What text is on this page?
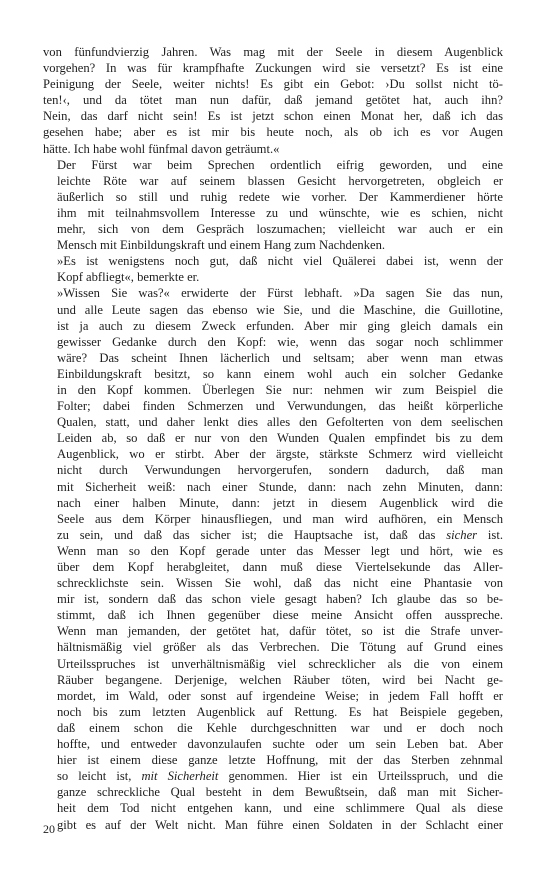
von fünfundvierzig Jahren. Was mag mit der Seele in diesem Augenblick
vorgehen? In was für krampfhafte Zuckungen wird sie versetzt? Es ist eine
Peinigung der Seele, weiter nichts! Es gibt ein Gebot: ›Du sollst nicht tö-
ten!‹, und da tötet man nun dafür, daß jemand getötet hat, auch ihn?
Nein, das darf nicht sein! Es ist jetzt schon einen Monat her, daß ich das
gesehen habe; aber es ist mir bis heute noch, als ob ich es vor Augen
hätte. Ich habe wohl fünfmal davon geträumt.«

Der Fürst war beim Sprechen ordentlich eifrig geworden, und eine
leichte Röte war auf seinem blassen Gesicht hervorgetreten, obgleich er
äußerlich so still und ruhig redete wie vorher. Der Kammerdiener hörte
ihm mit teilnahmsvollem Interesse zu und wünschte, wie es schien, nicht
mehr, sich von dem Gespräch loszumachen; vielleicht war auch er ein
Mensch mit Einbildungskraft und einem Hang zum Nachdenken.

»Es ist wenigstens noch gut, daß nicht viel Quälerei dabei ist, wenn der
Kopf abfliegt«, bemerkte er.

»Wissen Sie was?« erwiderte der Fürst lebhaft. »Da sagen Sie das nun,
und alle Leute sagen das ebenso wie Sie, und die Maschine, die Guillotine,
ist ja auch zu diesem Zweck erfunden. Aber mir ging gleich damals ein
gewisser Gedanke durch den Kopf: wie, wenn das sogar noch schlimmer
wäre? Das scheint Ihnen lächerlich und seltsam; aber wenn man etwas
Einbildungskraft besitzt, so kann einem wohl auch ein solcher Gedanke
in den Kopf kommen. Überlegen Sie nur: nehmen wir zum Beispiel die
Folter; dabei finden Schmerzen und Verwundungen, das heißt körperliche
Qualen, statt, und daher lenkt dies alles den Gefolterten von dem seelischen
Leiden ab, so daß er nur von den Wunden Qualen empfindet bis zu dem
Augenblick, wo er stirbt. Aber der ärgste, stärkste Schmerz wird vielleicht
nicht durch Verwundungen hervorgerufen, sondern dadurch, daß man
mit Sicherheit weiß: nach einer Stunde, dann: nach zehn Minuten, dann:
nach einer halben Minute, dann: jetzt in diesem Augenblick wird die
Seele aus dem Körper hinausfliegen, und man wird aufhören, ein Mensch
zu sein, und daß das sicher ist; die Hauptsache ist, daß das sicher ist.
Wenn man so den Kopf gerade unter das Messer legt und hört, wie es
über dem Kopf herabgleitet, dann muß diese Viertelsekunde das Aller-
schrecklichste sein. Wissen Sie wohl, daß das nicht eine Phantasie von
mir ist, sondern daß das schon viele gesagt haben? Ich glaube das so be-
stimmt, daß ich Ihnen gegenüber diese meine Ansicht offen ausspreche.
Wenn man jemanden, der getötet hat, dafür tötet, so ist die Strafe unver-
hältnismäßig viel größer als das Verbrechen. Die Tötung auf Grund eines
Urteilsspruches ist unverhältnismäßig viel schrecklicher als die von einem
Räuber begangene. Derjenige, welchen Räuber töten, wird bei Nacht ge-
mordet, im Wald, oder sonst auf irgendeine Weise; in jedem Fall hofft er
noch bis zum letzten Augenblick auf Rettung. Es hat Beispiele gegeben,
daß einem schon die Kehle durchgeschnitten war und er doch noch
hoffte, und entweder davonzulaufen suchte oder um sein Leben bat. Aber
hier ist einem diese ganze letzte Hoffnung, mit der das Sterben zehnmal
so leicht ist, mit Sicherheit genommen. Hier ist ein Urteilsspruch, und die
ganze schreckliche Qual besteht in dem Bewußtsein, daß man mit Sicher-
heit dem Tod nicht entgehen kann, und eine schlimmere Qual als diese
gibt es auf der Welt nicht. Man führe einen Soldaten in der Schlacht einer

20
